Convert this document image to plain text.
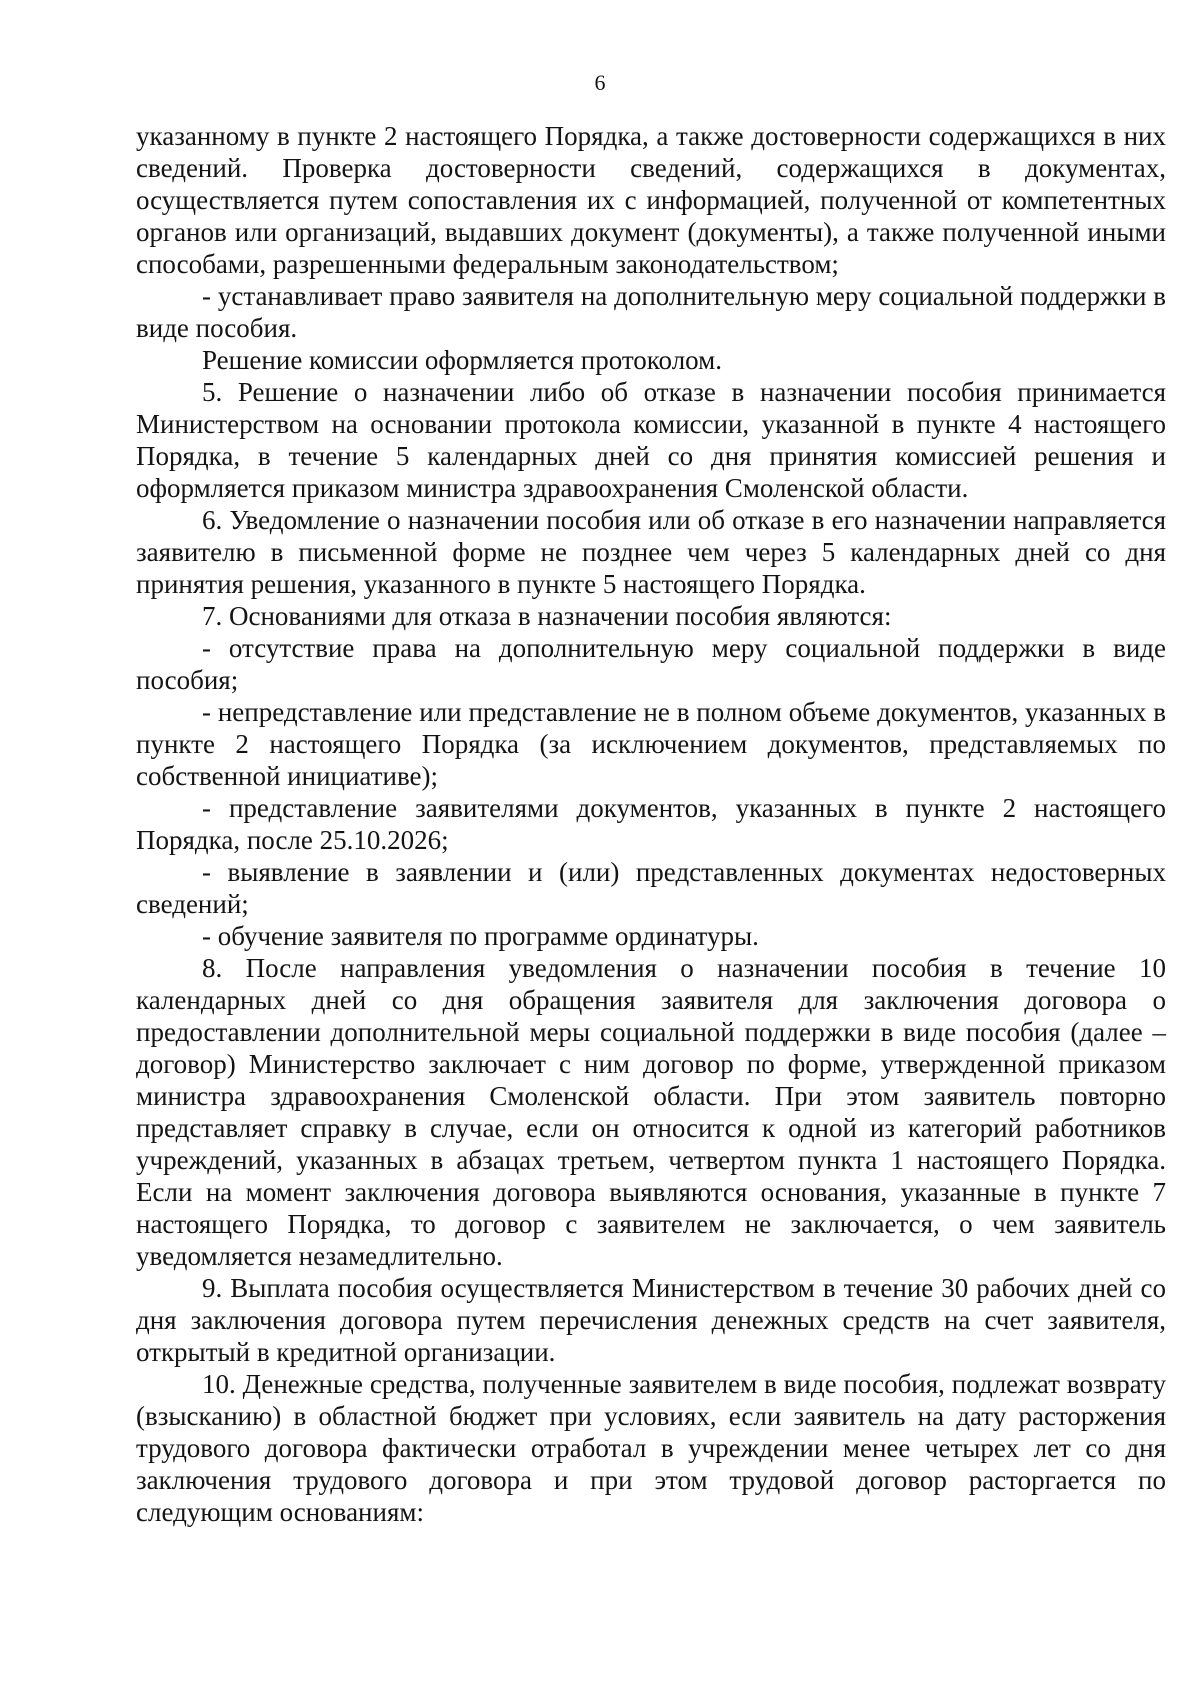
6

указанному в пункте 2 настоящего Порядка, а также достоверности содержащихся в них сведений. Проверка достоверности сведений, содержащихся в документах, осуществляется путем сопоставления их с информацией, полученной от компетентных органов или организаций, выдавших документ (документы), а также полученной иными способами, разрешенными федеральным законодательством;

- устанавливает право заявителя на дополнительную меру социальной поддержки в виде пособия.

Решение комиссии оформляется протоколом.

5. Решение о назначении либо об отказе в назначении пособия принимается Министерством на основании протокола комиссии, указанной в пункте 4 настоящего Порядка, в течение 5 календарных дней со дня принятия комиссией решения и оформляется приказом министра здравоохранения Смоленской области.

6. Уведомление о назначении пособия или об отказе в его назначении направляется заявителю в письменной форме не позднее чем через 5 календарных дней со дня принятия решения, указанного в пункте 5 настоящего Порядка.

7. Основаниями для отказа в назначении пособия являются:

- отсутствие права на дополнительную меру социальной поддержки в виде пособия;

- непредставление или представление не в полном объеме документов, указанных в пункте 2 настоящего Порядка (за исключением документов, представляемых по собственной инициативе);

- представление заявителями документов, указанных в пункте 2 настоящего Порядка, после 25.10.2026;

- выявление в заявлении и (или) представленных документах недостоверных сведений;

- обучение заявителя по программе ординатуры.

8. После направления уведомления о назначении пособия в течение 10 календарных дней со дня обращения заявителя для заключения договора о предоставлении дополнительной меры социальной поддержки в виде пособия (далее – договор) Министерство заключает с ним договор по форме, утвержденной приказом министра здравоохранения Смоленской области. При этом заявитель повторно представляет справку в случае, если он относится к одной из категорий работников учреждений, указанных в абзацах третьем, четвертом пункта 1 настоящего Порядка. Если на момент заключения договора выявляются основания, указанные в пункте 7 настоящего Порядка, то договор с заявителем не заключается, о чем заявитель уведомляется незамедлительно.

9. Выплата пособия осуществляется Министерством в течение 30 рабочих дней со дня заключения договора путем перечисления денежных средств на счет заявителя, открытый в кредитной организации.

10. Денежные средства, полученные заявителем в виде пособия, подлежат возврату (взысканию) в областной бюджет при условиях, если заявитель на дату расторжения трудового договора фактически отработал в учреждении менее четырех лет со дня заключения трудового договора и при этом трудовой договор расторгается по следующим основаниям:
